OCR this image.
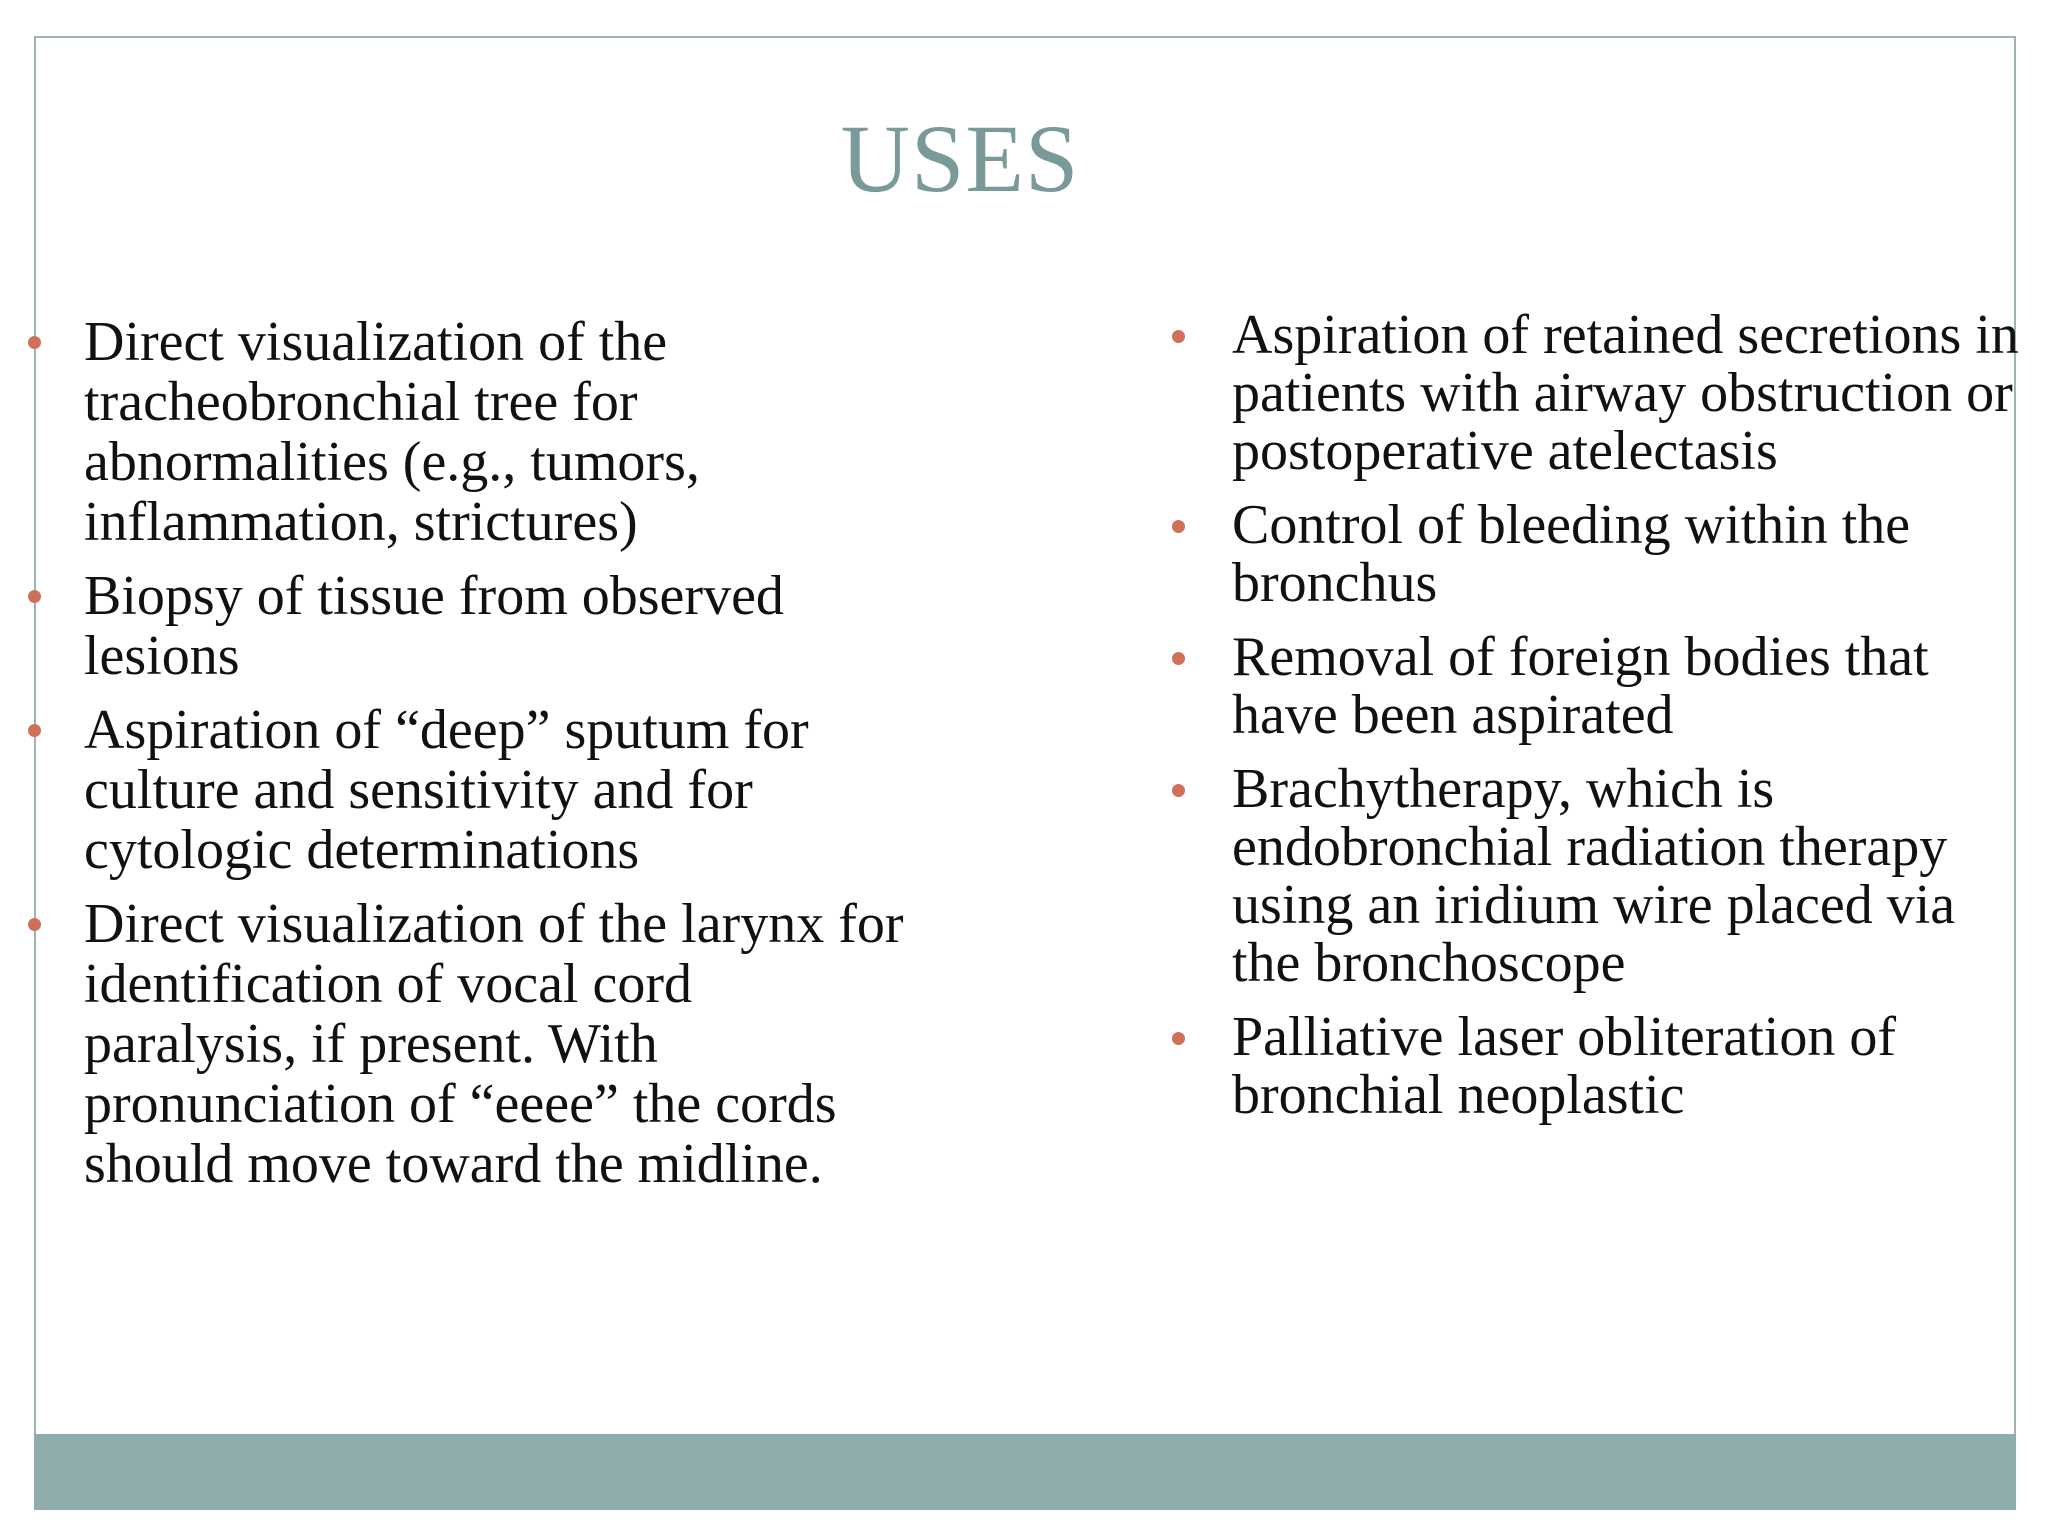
USES
Direct visualization of the tracheobronchial tree for abnormalities (e.g., tumors, inflammation, strictures)
Biopsy of tissue from observed lesions
Aspiration of “deep” sputum for culture and sensitivity and for cytologic determinations
Direct visualization of the larynx for identification of vocal cord paralysis, if present. With pronunciation of “eeee” the cords should move toward the midline.
Aspiration of retained secretions in patients with airway obstruction or postoperative atelectasis
Control of bleeding within the bronchus
Removal of foreign bodies that have been aspirated
Brachytherapy, which is endobronchial radiation therapy using an iridium wire placed via the bronchoscope
Palliative laser obliteration of bronchial neoplastic
